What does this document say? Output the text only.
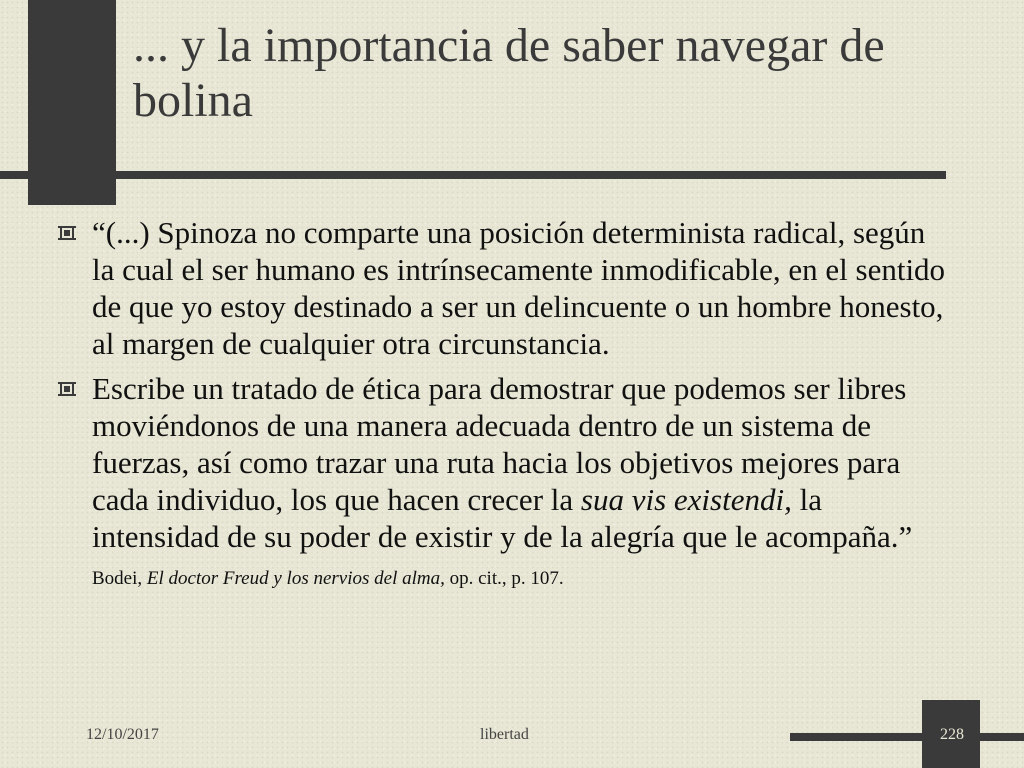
... y la importancia de saber navegar de bolina

“(...) Spinoza no comparte una posición determinista radical, según la cual el ser humano es intrínsecamente inmodificable, en el sentido de que yo estoy destinado a ser un delincuente o un hombre honesto, al margen de cualquier otra circunstancia.

Escribe un tratado de ética para demostrar que podemos ser libres moviéndonos de una manera adecuada dentro de un sistema de fuerzas, así como trazar una ruta hacia los objetivos mejores para cada individuo, los que hacen crecer la sua vis existendi, la intensidad de su poder de existir y de la alegría que le acompaña.” Bodei, El doctor Freud y los nervios del alma, op. cit., p. 107.

12/10/2017	libertad	228
